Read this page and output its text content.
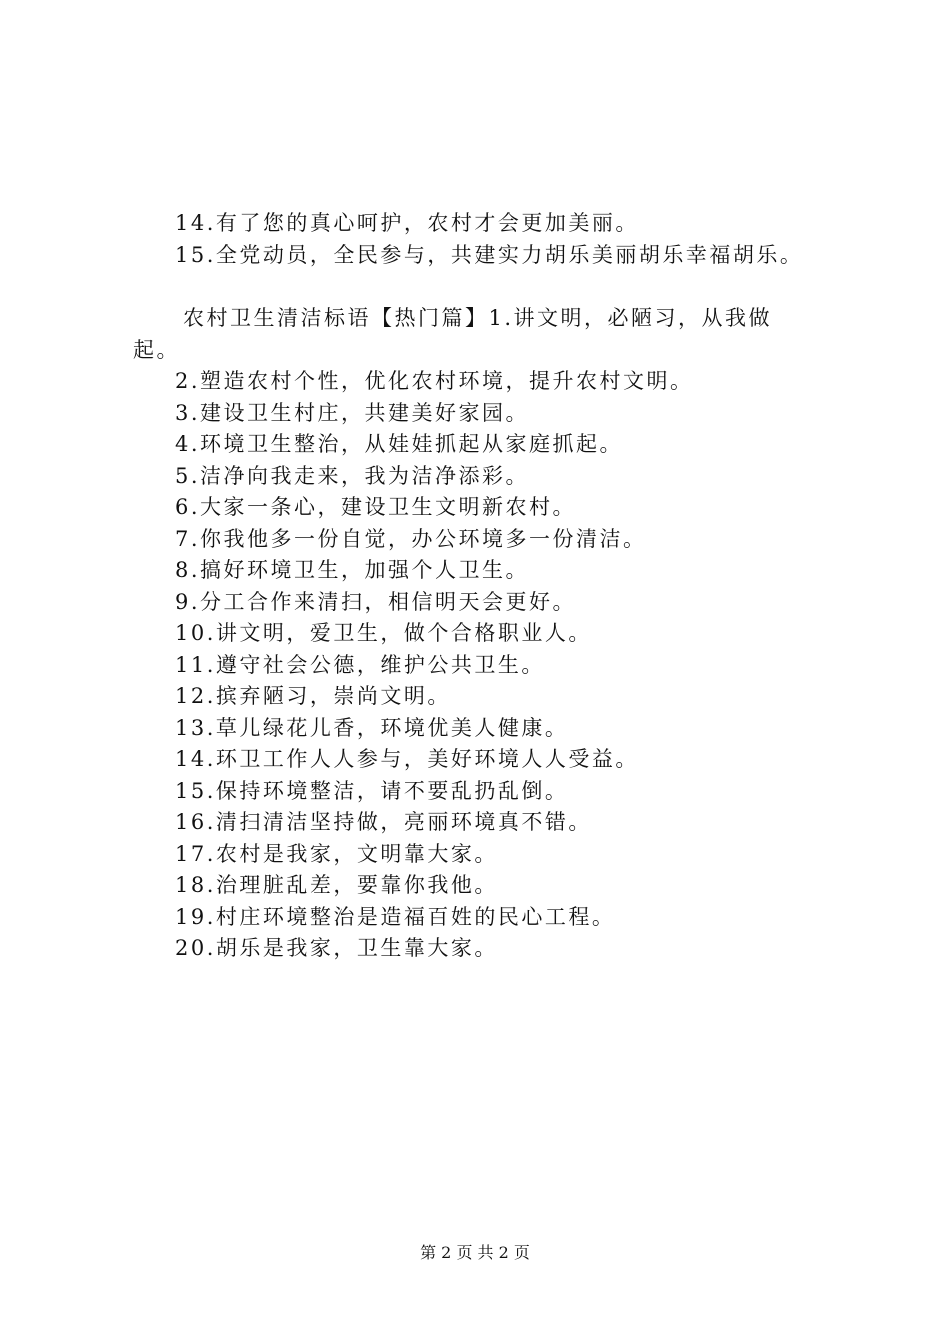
14.有了您的真心呵护，农村才会更加美丽。
15.全党动员，全民参与，共建实力胡乐美丽胡乐幸福胡乐。
农村卫生清洁标语【热门篇】1.讲文明，必陋习，从我做
起。
2.塑造农村个性，优化农村环境，提升农村文明。
3.建设卫生村庄，共建美好家园。
4.环境卫生整治，从娃娃抓起从家庭抓起。
5.洁净向我走来，我为洁净添彩。
6.大家一条心，建设卫生文明新农村。
7.你我他多一份自觉，办公环境多一份清洁。
8.搞好环境卫生，加强个人卫生。
9.分工合作来清扫，相信明天会更好。
10.讲文明，爱卫生，做个合格职业人。
11.遵守社会公德，维护公共卫生。
12.摈弃陋习，崇尚文明。
13.草儿绿花儿香，环境优美人健康。
14.环卫工作人人参与，美好环境人人受益。
15.保持环境整洁，请不要乱扔乱倒。
16.清扫清洁坚持做，亮丽环境真不错。
17.农村是我家，文明靠大家。
18.治理脏乱差，要靠你我他。
19.村庄环境整治是造福百姓的民心工程。
20.胡乐是我家，卫生靠大家。
第 2 页 共 2 页
